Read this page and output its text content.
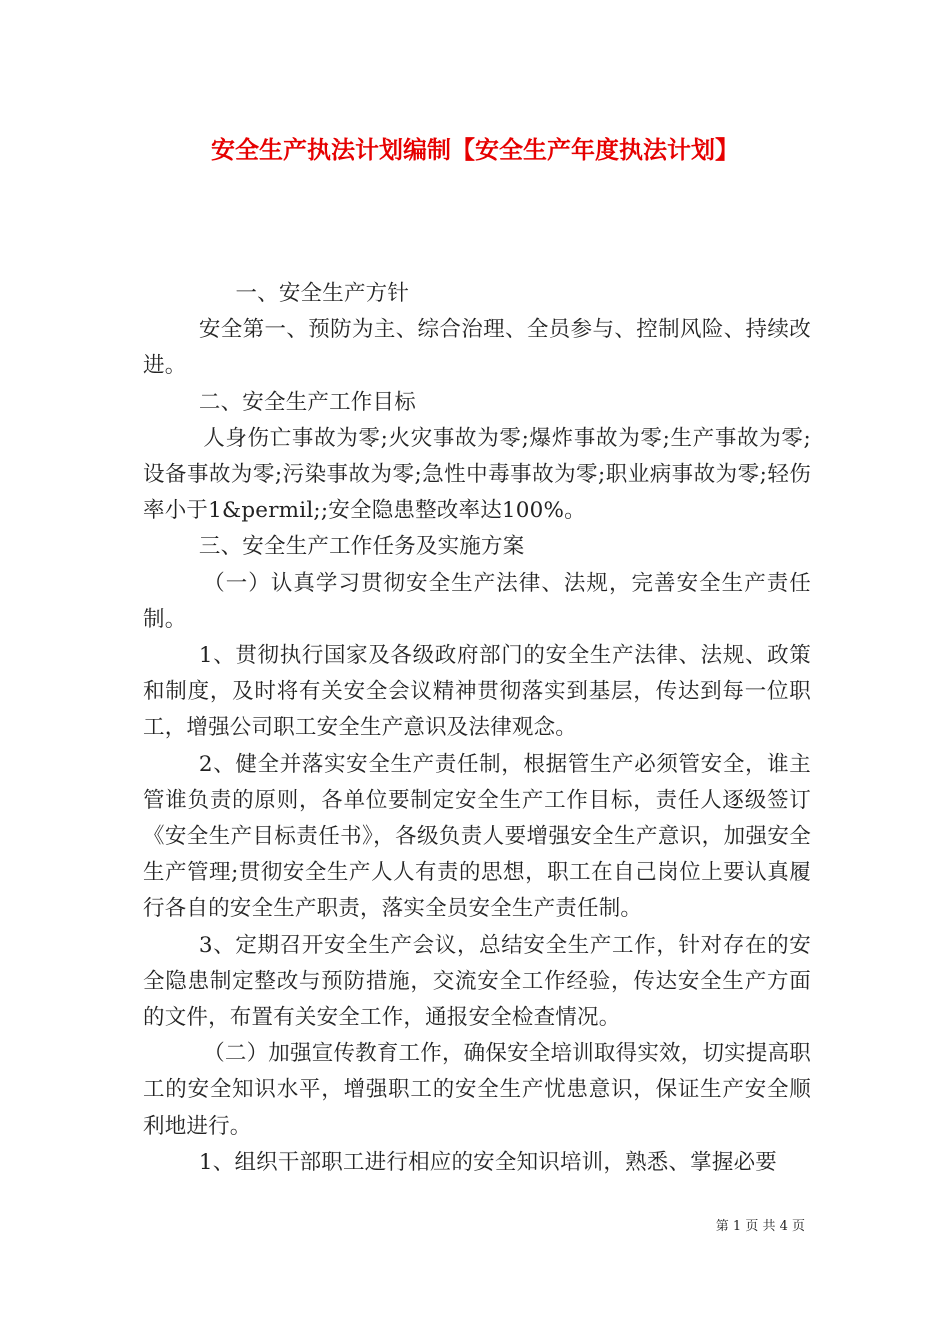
安全生产执法计划编制【安全生产年度执法计划】

一、安全生产方针

安全第一、预防为主、综合治理、全员参与、控制风险、持续改进。

二、安全生产工作目标

人身伤亡事故为零;火灾事故为零;爆炸事故为零;生产事故为零;设备事故为零;污染事故为零;急性中毒事故为零;职业病事故为零;轻伤率小于1&permil;;安全隐患整改率达100%。

三、安全生产工作任务及实施方案

（一）认真学习贯彻安全生产法律、法规，完善安全生产责任制。

1、贯彻执行国家及各级政府部门的安全生产法律、法规、政策和制度，及时将有关安全会议精神贯彻落实到基层，传达到每一位职工，增强公司职工安全生产意识及法律观念。

2、健全并落实安全生产责任制，根据管生产必须管安全，谁主管谁负责的原则，各单位要制定安全生产工作目标，责任人逐级签订《安全生产目标责任书》，各级负责人要增强安全生产意识，加强安全生产管理;贯彻安全生产人人有责的思想，职工在自己岗位上要认真履行各自的安全生产职责，落实全员安全生产责任制。

3、定期召开安全生产会议，总结安全生产工作，针对存在的安全隐患制定整改与预防措施，交流安全工作经验，传达安全生产方面的文件，布置有关安全工作，通报安全检查情况。

（二）加强宣传教育工作，确保安全培训取得实效，切实提高职工的安全知识水平，增强职工的安全生产忧患意识，保证生产安全顺利地进行。

1、组织干部职工进行相应的安全知识培训，熟悉、掌握必要

第 1 页 共 4 页
